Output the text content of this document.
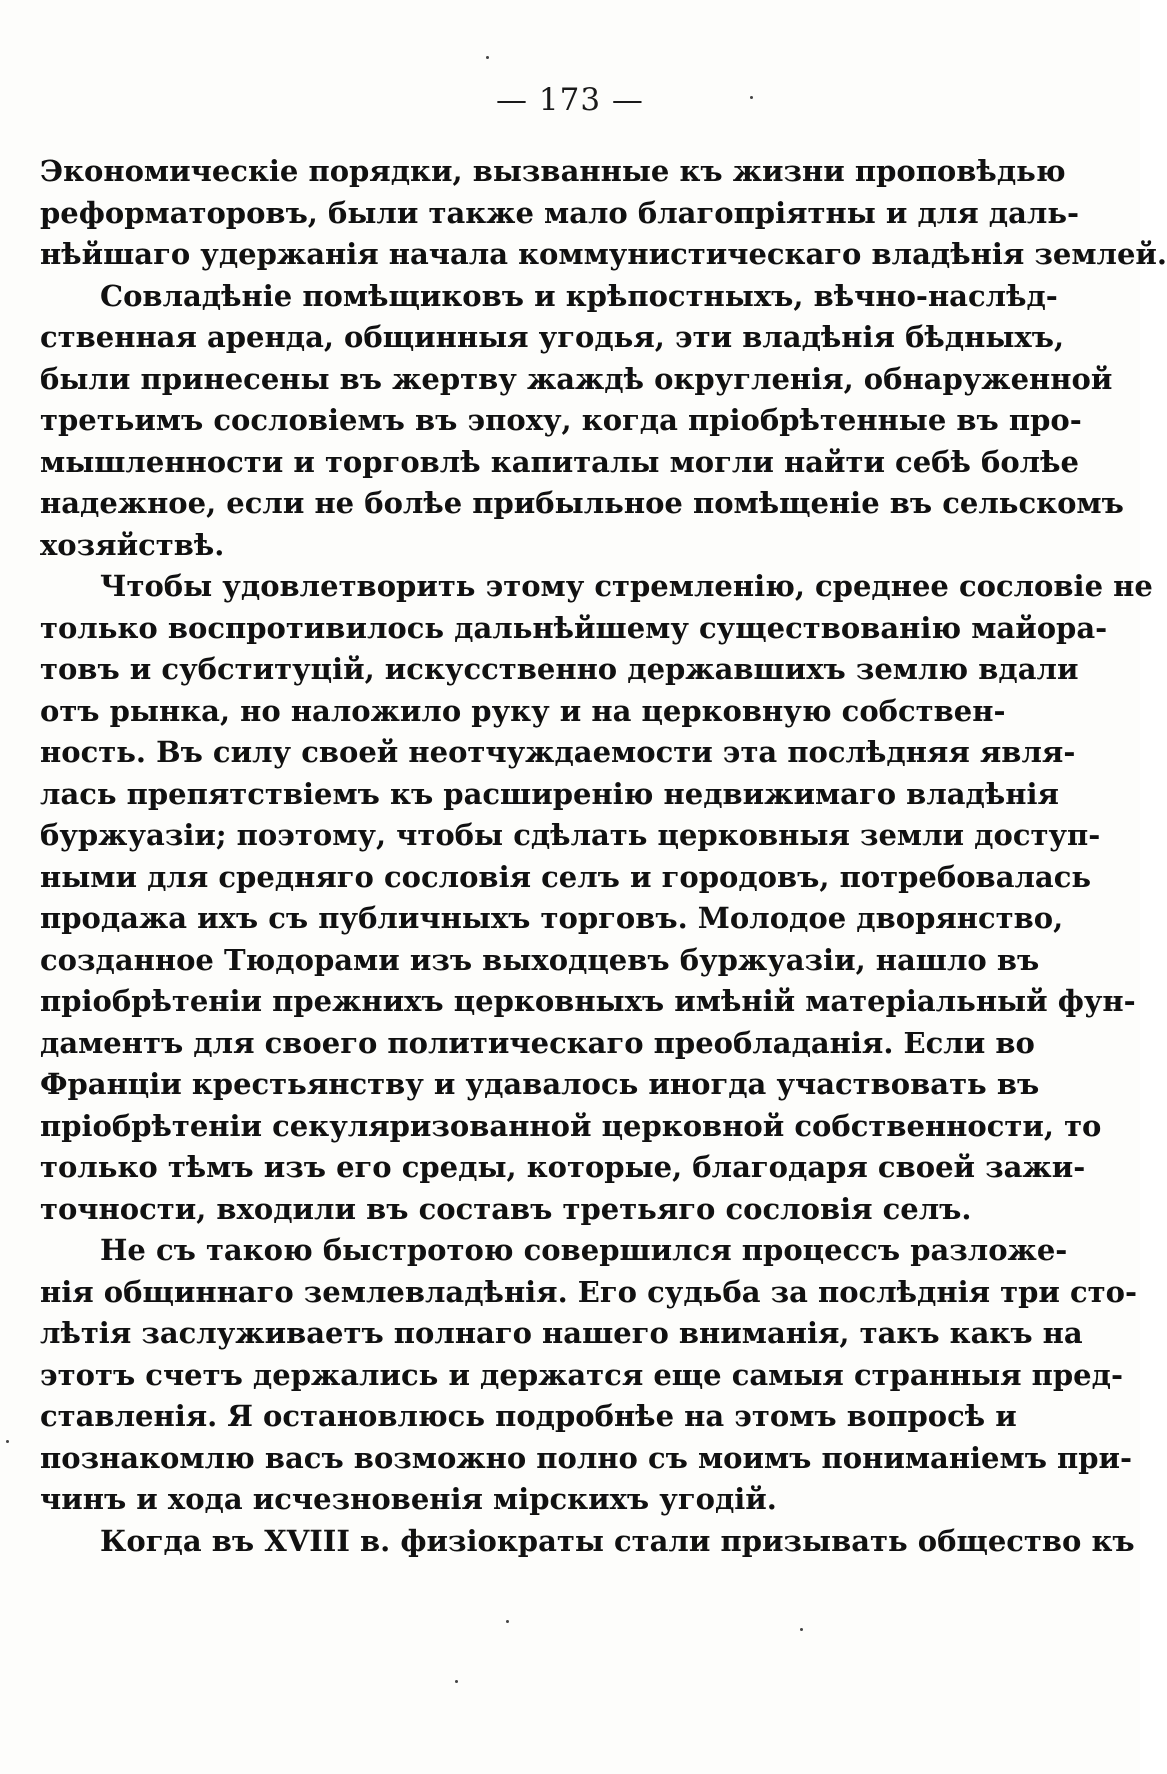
— 173 —
Экономическіе порядки, вызванные къ жизни проповѣдью
реформаторовъ, были также мало благопріятны и для даль-
нѣйшаго удержанія начала коммунистическаго владѣнія землей.
Совладѣніе помѣщиковъ и крѣпостныхъ, вѣчно-наслѣд-
ственная аренда, общинныя угодья, эти владѣнія бѣдныхъ,
были принесены въ жертву жаждѣ округленія, обнаруженной
третьимъ сословіемъ въ эпоху, когда пріобрѣтенные въ про-
мышленности и торговлѣ капиталы могли найти себѣ болѣе
надежное, если не болѣе прибыльное помѣщеніе въ сельскомъ
хозяйствѣ.
Чтобы удовлетворить этому стремленію, среднее сословіе не
только воспротивилось дальнѣйшему существованію майора-
товъ и субституцій, искусственно державшихъ землю вдали
отъ рынка, но наложило руку и на церковную собствен-
ность. Въ силу своей неотчуждаемости эта послѣдняя явля-
лась препятствіемъ къ расширенію недвижимаго владѣнія
буржуазіи; поэтому, чтобы сдѣлать церковныя земли доступ-
ными для средняго сословія селъ и городовъ, потребовалась
продажа ихъ съ публичныхъ торговъ. Молодое дворянство,
созданное Тюдорами изъ выходцевъ буржуазіи, нашло въ
пріобрѣтеніи прежнихъ церковныхъ имѣній матеріальный фун-
даментъ для своего политическаго преобладанія. Если во
Франціи крестьянству и удавалось иногда участвовать въ
пріобрѣтеніи секуляризованной церковной собственности, то
только тѣмъ изъ его среды, которые, благодаря своей зажи-
точности, входили въ составъ третьяго сословія селъ.
Не съ такою быстротою совершился процессъ разложе-
нія общиннаго землевладѣнія. Его судьба за послѣднія три сто-
лѣтія заслуживаетъ полнаго нашего вниманія, такъ какъ на
этотъ счетъ держались и держатся еще самыя странныя пред-
ставленія. Я остановлюсь подробнѣе на этомъ вопросѣ и
познакомлю васъ возможно полно съ моимъ пониманіемъ при-
чинъ и хода исчезновенія мірскихъ угодій.
Когда въ XVIII в. физіократы стали призывать общество къ
